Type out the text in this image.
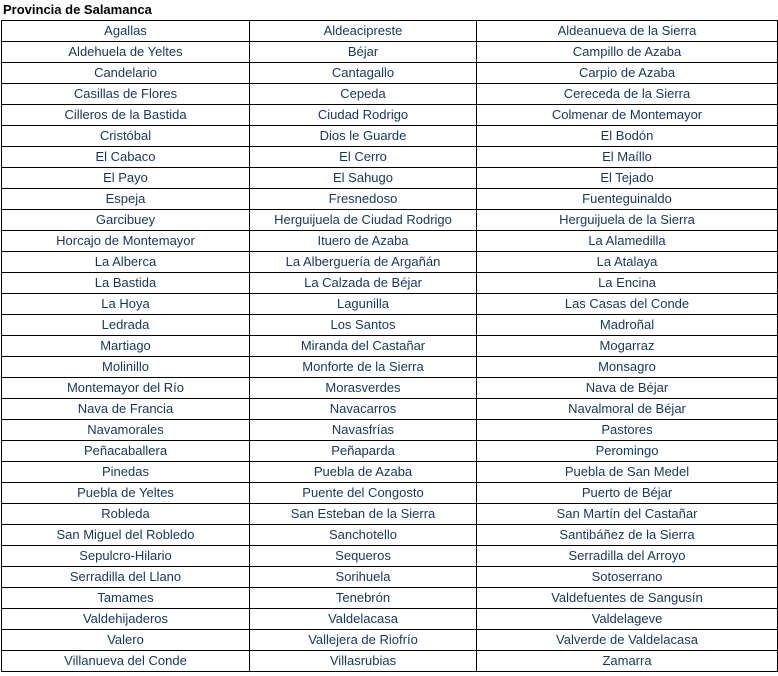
Provincia de Salamanca
Agallas	Aldeacipreste	Aldeanueva de la Sierra
Aldehuela de Yeltes	Béjar	Campillo de Azaba
Candelario	Cantagallo	Carpio de Azaba
Casillas de Flores	Cepeda	Cereceda de la Sierra
Cilleros de la Bastida	Ciudad Rodrigo	Colmenar de Montemayor
Cristóbal	Dios le Guarde	El Bodón
El Cabaco	El Cerro	El Maíllo
El Payo	El Sahugo	El Tejado
Espeja	Fresnedoso	Fuenteguinaldo
Garcibuey	Herguijuela de Ciudad Rodrigo	Herguijuela de la Sierra
Horcajo de Montemayor	Ituero de Azaba	La Alamedilla
La Alberca	La Alberguería de Argañán	La Atalaya
La Bastida	La Calzada de Béjar	La Encina
La Hoya	Lagunilla	Las Casas del Conde
Ledrada	Los Santos	Madroñal
Martiago	Miranda del Castañar	Mogarraz
Molinillo	Monforte de la Sierra	Monsagro
Montemayor del Río	Morasverdes	Nava de Béjar
Nava de Francia	Navacarros	Navalmoral de Béjar
Navamorales	Navasfrías	Pastores
Peñacaballera	Peñaparda	Peromingo
Pinedas	Puebla de Azaba	Puebla de San Medel
Puebla de Yeltes	Puente del Congosto	Puerto de Béjar
Robleda	San Esteban de la Sierra	San Martín del Castañar
San Miguel del Robledo	Sanchotello	Santibáñez de la Sierra
Sepulcro-Hilario	Sequeros	Serradilla del Arroyo
Serradilla del Llano	Sorihuela	Sotoserrano
Tamames	Tenebrón	Valdefuentes de Sangusín
Valdehijaderos	Valdelacasa	Valdelageve
Valero	Vallejera de Riofrío	Valverde de Valdelacasa
Villanueva del Conde	Villasrubias	Zamarra
